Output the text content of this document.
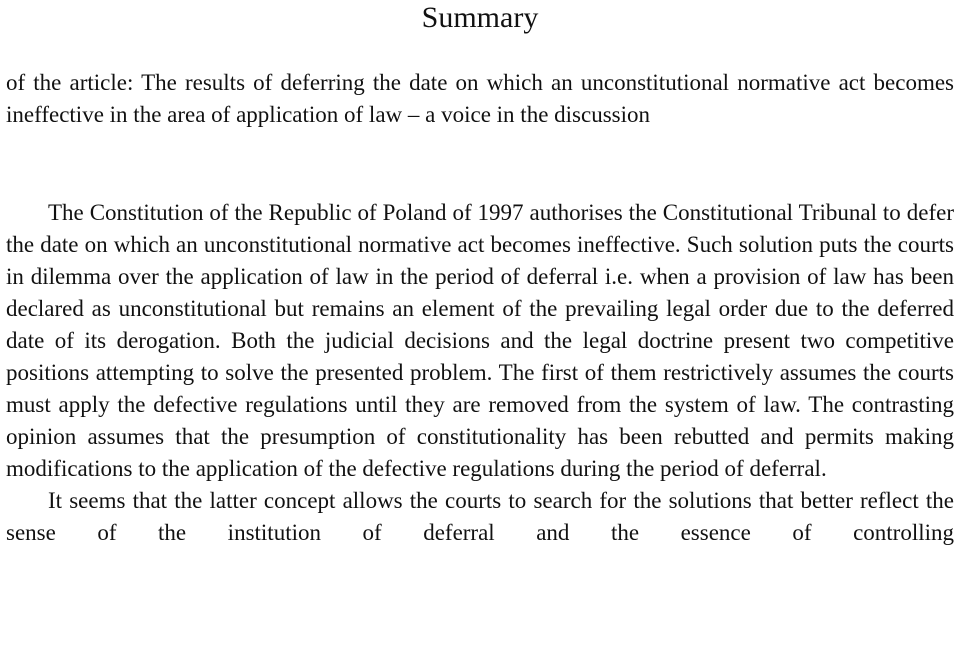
Summary
of the article: The results of deferring the date on which an unconstitutional normative act becomes ineffective in the area of application of law – a voice in the discussion

The Constitution of the Republic of Poland of 1997 authorises the Constitutional Tribunal to defer the date on which an unconstitutional normative act becomes ineffective. Such solution puts the courts in dilemma over the application of law in the period of deferral i.e. when a provision of law has been declared as unconstitutional but remains an element of the prevailing legal order due to the deferred date of its derogation. Both the judicial decisions and the legal doctrine present two competitive positions attempting to solve the presented problem. The first of them restrictively assumes the courts must apply the defective regulations until they are removed from the system of law. The contrasting opinion assumes that the presumption of constitutionality has been rebutted and permits making modifications to the application of the defective regulations during the period of deferral.

It seems that the latter concept allows the courts to search for the solutions that better reflect the sense of the institution of deferral and the essence of controlling
